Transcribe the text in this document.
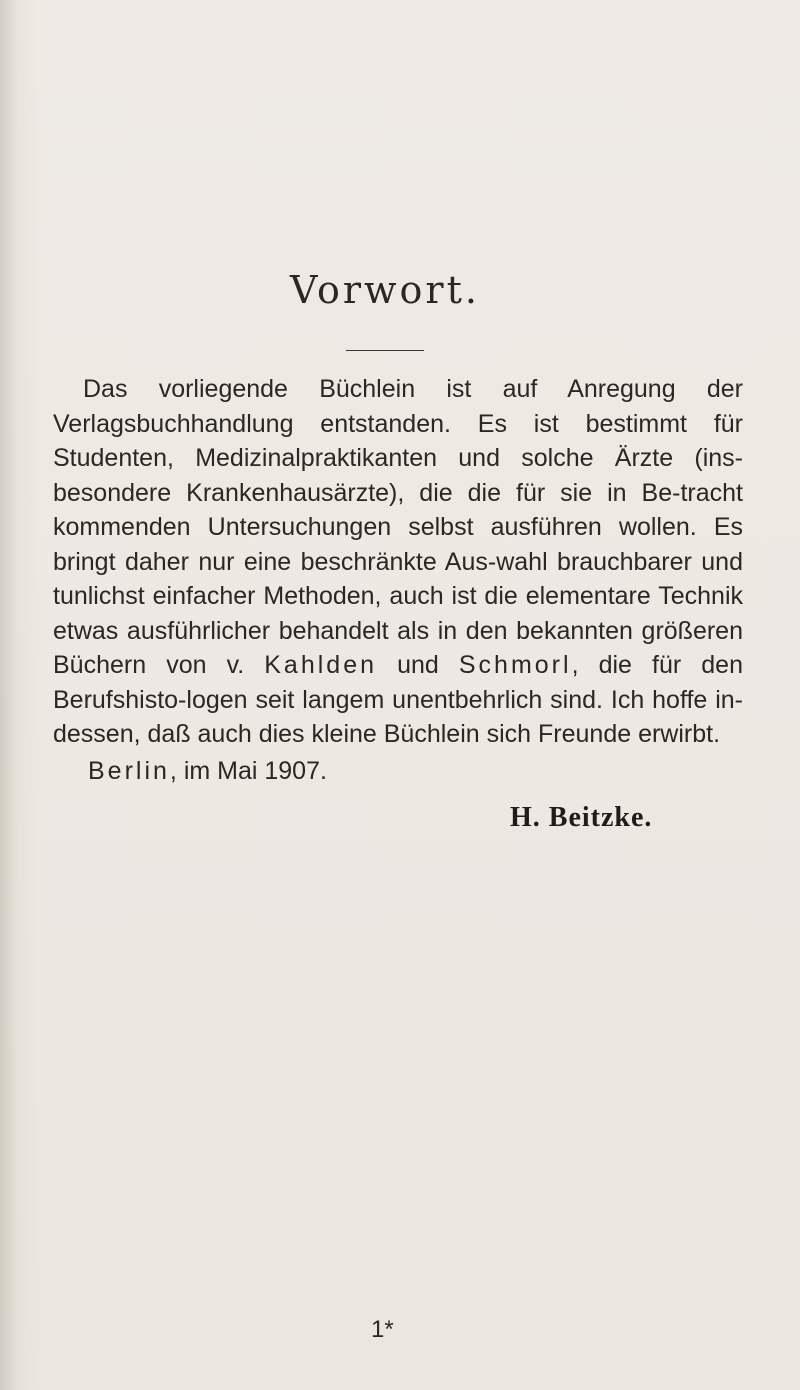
Vorwort.

Das vorliegende Büchlein ist auf Anregung der Verlagsbuchhandlung entstanden. Es ist bestimmt für Studenten, Medizinalpraktikanten und solche Ärzte (ins-besondere Krankenhausärzte), die die für sie in Be-tracht kommenden Untersuchungen selbst ausführen wollen. Es bringt daher nur eine beschränkte Aus-wahl brauchbarer und tunlichst einfacher Methoden, auch ist die elementare Technik etwas ausführlicher behandelt als in den bekannten größeren Büchern von v. Kahlden und Schmorl, die für den Berufshisto-logen seit langem unentbehrlich sind. Ich hoffe in-dessen, daß auch dies kleine Büchlein sich Freunde erwirbt.

Berlin, im Mai 1907.
H. Beitzke.
1*
